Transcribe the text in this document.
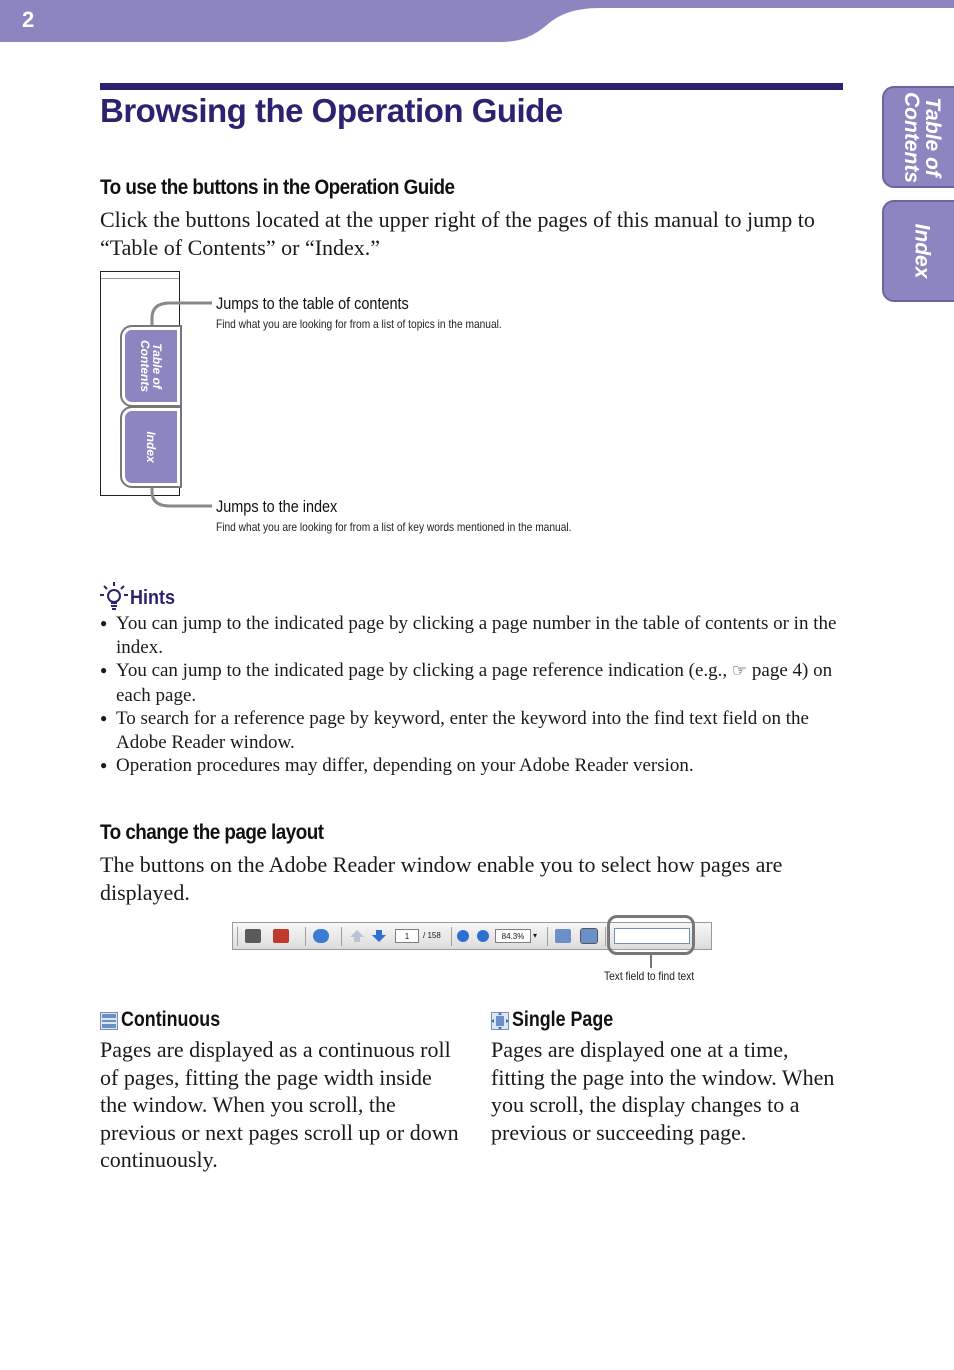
2
Table of Contents
Index
Browsing the Operation Guide
To use the buttons in the Operation Guide

Click the buttons located at the upper right of the pages of this manual to jump to “Table of Contents” or “Index.”

Table of Contents
Index

Jumps to the table of contents

Find what you are looking for from a list of topics in the manual.

Jumps to the index

Find what you are looking for from a list of key words mentioned in the manual.

Hints
● You can jump to the indicated page by clicking a page number in the table of contents or in the index.
● You can jump to the indicated page by clicking a page reference indication (e.g., ☞ page 4) on each page.
● To search for a reference page by keyword, enter the keyword into the find text field on the Adobe Reader window.
● Operation procedures may differ, depending on your Adobe Reader version.
To change the page layout

The buttons on the Adobe Reader window enable you to select how pages are displayed.

1	/ 158	84.3%	▾

Text field to find text

Continuous

Pages are displayed as a continuous roll of pages, fitting the page width inside the window. When you scroll, the previous or next pages scroll up or down continuously.

Single Page

Pages are displayed one at a time, fitting the page into the window. When you scroll, the display changes to a previous or succeeding page.
